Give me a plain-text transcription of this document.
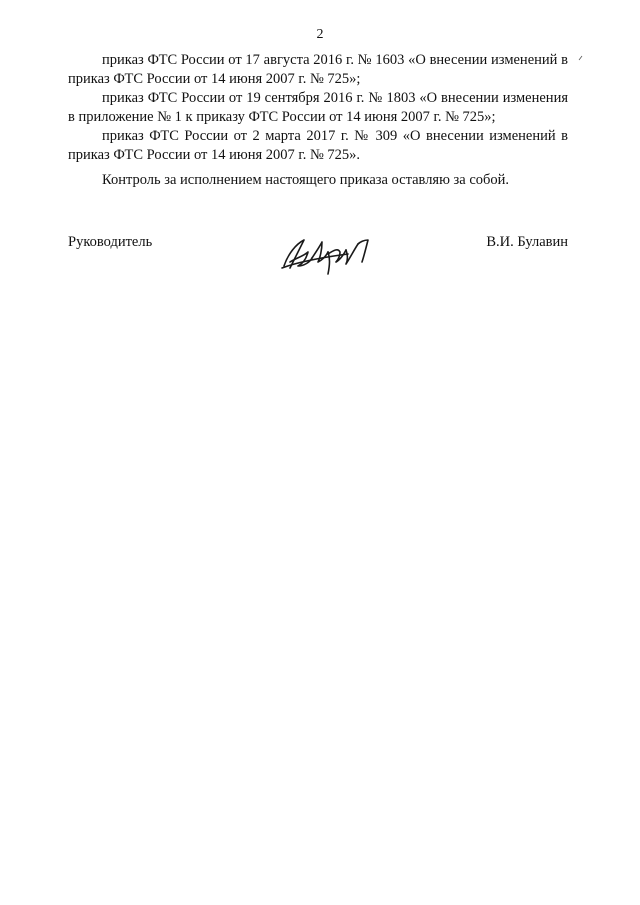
2

приказ ФТС России от 17 августа 2016 г. № 1603 «О внесении изменений в приказ ФТС России от 14 июня 2007 г. № 725»;

приказ ФТС России от 19 сентября 2016 г. № 1803 «О внесении изменения в приложение № 1 к приказу ФТС России от 14 июня 2007 г. № 725»;

приказ ФТС России от 2 марта 2017 г. № 309 «О внесении изменений в приказ ФТС России от 14 июня 2007 г. № 725».

Контроль за исполнением настоящего приказа оставляю за собой.
Руководитель	В.И. Булавин
